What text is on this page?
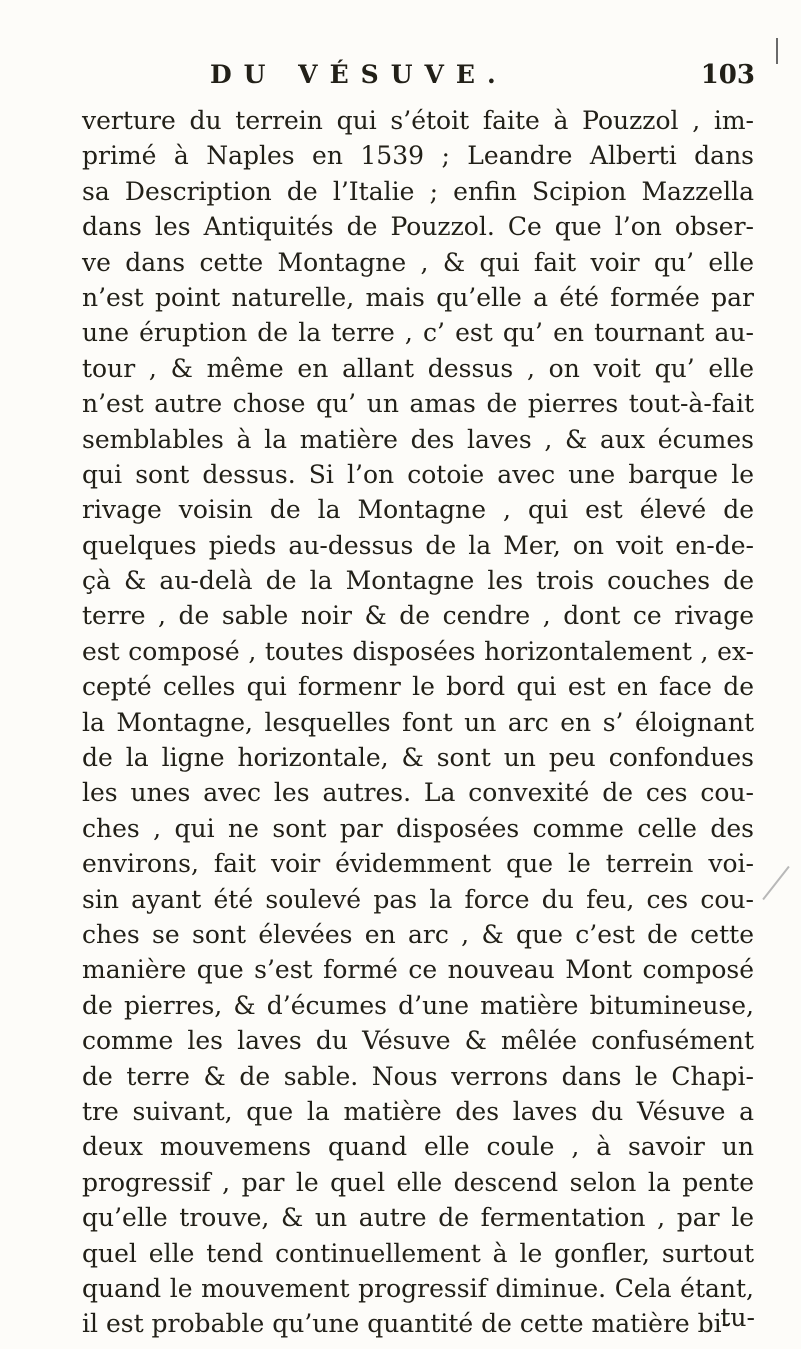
DU VÉSUVE.	103
verture du terrein qui s’étoit faite à Pouzzol , im-
primé à Naples en 1539 ; Leandre Alberti dans
sa Description de l’Italie ; enfin Scipion Mazzella
dans les Antiquités de Pouzzol. Ce que l’on obser-
ve dans cette Montagne , & qui fait voir qu’ elle
n’est point naturelle, mais qu’elle a été formée par
une éruption de la terre , c’ est qu’ en tournant au-
tour , & même en allant dessus , on voit qu’ elle
n’est autre chose qu’ un amas de pierres tout-à-fait
semblables à la matière des laves , & aux écumes
qui sont dessus. Si l’on cotoie avec une barque le
rivage voisin de la Montagne , qui est élevé de
quelques pieds au-dessus de la Mer, on voit en-de-
çà & au-delà de la Montagne les trois couches de
terre , de sable noir & de cendre , dont ce rivage
est composé , toutes disposées horizontalement , ex-
cepté celles qui formenr le bord qui est en face de
la Montagne, lesquelles font un arc en s’ éloignant
de la ligne horizontale, & sont un peu confondues
les unes avec les autres. La convexité de ces cou-
ches , qui ne sont par disposées comme celle des
environs, fait voir évidemment que le terrein voi-
sin ayant été soulevé pas la force du feu, ces cou-
ches se sont élevées en arc , & que c’est de cette
manière que s’est formé ce nouveau Mont composé
de pierres, & d’écumes d’une matière bitumineuse,
comme les laves du Vésuve & mêlée confusément
de terre & de sable. Nous verrons dans le Chapi-
tre suivant, que la matière des laves du Vésuve a
deux mouvemens quand elle coule , à savoir un
progressif , par le quel elle descend selon la pente
qu’elle trouve, & un autre de fermentation , par le
quel elle tend continuellement à le gonfler, surtout
quand le mouvement progressif diminue. Cela étant,
il est probable qu’une quantité de cette matière bi-
tu-
